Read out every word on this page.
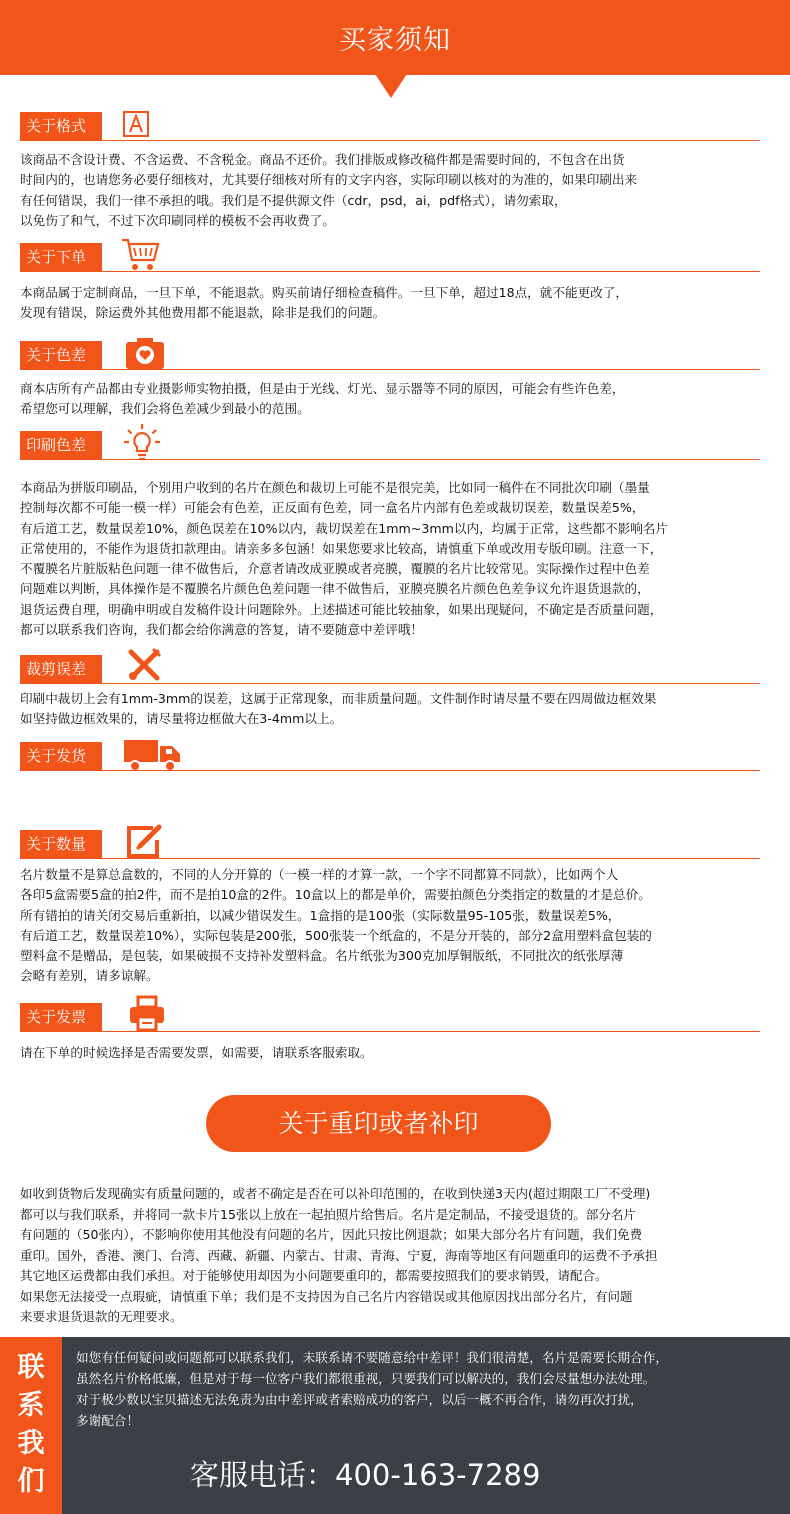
买家须知
关于格式
该商品不含设计费、不含运费、不含税金。商品不还价。我们排版或修改稿件都是需要时间的，不包含在出货
时间内的，也请您务必要仔细核对，尤其要仔细核对所有的文字内容，实际印刷以核对的为准的，如果印刷出来
有任何错误，我们一律不承担的哦。我们是不提供源文件（cdr，psd，ai，pdf格式），请勿索取，
以免伤了和气，不过下次印刷同样的模板不会再收费了。
关于下单
本商品属于定制商品，一旦下单，不能退款。购买前请仔细检查稿件。一旦下单，超过18点，就不能更改了，
发现有错误，除运费外其他费用都不能退款，除非是我们的问题。
关于色差
商本店所有产品都由专业摄影师实物拍摄，但是由于光线、灯光、显示器等不同的原因，可能会有些许色差，
希望您可以理解，我们会将色差减少到最小的范围。
印刷色差
本商品为拼版印刷品，个别用户收到的名片在颜色和裁切上可能不是很完美，比如同一稿件在不同批次印刷（墨量
控制每次都不可能一模一样）可能会有色差，正反面有色差，同一盒名片内部有色差或裁切误差，数量误差5%，
有后道工艺，数量误差10%，颜色误差在10%以内，裁切误差在1mm~3mm以内，均属于正常，这些都不影响名片
正常使用的，不能作为退货扣款理由。请亲多多包涵！如果您要求比较高，请慎重下单或改用专版印刷。注意一下，
不覆膜名片脏版粘色问题一律不做售后，介意者请改成亚膜或者亮膜，覆膜的名片比较常见。实际操作过程中色差
问题难以判断，具体操作是不覆膜名片颜色色差问题一律不做售后，亚膜亮膜名片颜色色差争议允许退货退款的，
退货运费自理，明确申明或自发稿件设计问题除外。上述描述可能比较抽象，如果出现疑问，不确定是否质量问题，
都可以联系我们咨询，我们都会给你满意的答复，请不要随意中差评哦！
裁剪误差
印刷中裁切上会有1mm-3mm的误差，这属于正常现象，而非质量问题。文件制作时请尽量不要在四周做边框效果
如坚持做边框效果的，请尽量将边框做大在3-4mm以上。
关于发货
关于数量
名片数量不是算总盒数的，不同的人分开算的（一模一样的才算一款，一个字不同都算不同款），比如两个人
各印5盒需要5盒的拍2件，而不是拍10盒的2件。10盒以上的都是单价，需要拍颜色分类指定的数量的才是总价。
所有错拍的请关闭交易后重新拍，以减少错误发生。1盒指的是100张（实际数量95-105张，数量误差5%，
有后道工艺，数量误差10%），实际包装是200张，500张装一个纸盒的，不是分开装的，部分2盒用塑料盒包装的
塑料盒不是赠品，是包装，如果破损不支持补发塑料盒。名片纸张为300克加厚铜版纸，不同批次的纸张厚薄
会略有差别，请多谅解。
关于发票
请在下单的时候选择是否需要发票，如需要，请联系客服索取。
关于重印或者补印
如收到货物后发现确实有质量问题的，或者不确定是否在可以补印范围的，在收到快递3天内(超过期限工厂不受理)
都可以与我们联系，并将同一款卡片15张以上放在一起拍照片给售后。名片是定制品，不接受退货的。部分名片
有问题的（50张内），不影响你使用其他没有问题的名片，因此只按比例退款；如果大部分名片有问题，我们免费
重印。国外，香港、澳门、台湾、西藏、新疆、内蒙古、甘肃、青海、宁夏，海南等地区有问题重印的运费不予承担
其它地区运费都由我们承担。对于能够使用却因为小问题要重印的，都需要按照我们的要求销毁，请配合。
如果您无法接受一点瑕疵，请慎重下单；我们是不支持因为自己名片内容错误或其他原因找出部分名片，有问题
来要求退货退款的无理要求。
联
系
我
们
如您有任何疑问或问题都可以联系我们，未联系请不要随意给中差评！我们很清楚，名片是需要长期合作，
虽然名片价格低廉，但是对于每一位客户我们都很重视，只要我们可以解决的，我们会尽量想办法处理。
对于极少数以宝贝描述无法免责为由中差评或者索赔成功的客户，以后一概不再合作，请勿再次打扰，
多谢配合！
客服电话：400-163-7289
